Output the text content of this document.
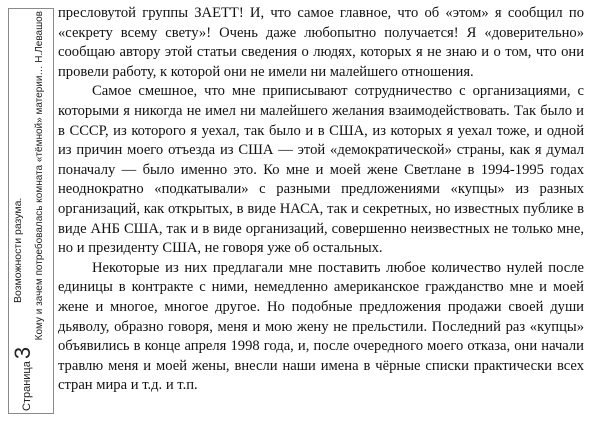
Страница
3
Возможности разума. Кому и зачем потребовалась комната «тёмной» материи… Н.Левашов пресловутой группы ЗАЕТТ! И, что самое главное, что об «этом» я сообщил по «секрету всему свету»! Очень даже любопытно получается! Я «доверительно» сообщаю автору этой статьи сведения о людях, которых я не знаю и о том, что они провели работу, к которой они не имели ни малейшего отношения.

Самое смешное, что мне приписывают сотрудничество с организациями, с которыми я никогда не имел ни малейшего желания взаимодействовать. Так было и в СССР, из которого я уехал, так было и в США, из которых я уехал тоже, и одной из причин моего отъезда из США — этой «демократической» страны, как я думал поначалу — было именно это. Ко мне и моей жене Светлане в 1994-1995 годах неоднократно «подкатывали» с разными предложениями «купцы» из разных организаций, как открытых, в виде НАСА, так и секретных, но известных публике в виде АНБ США, так и в виде организаций, совершенно неизвестных не только мне, но и президенту США, не говоря уже об остальных.

Некоторые из них предлагали мне поставить любое количество нулей после единицы в контракте с ними, немедленно американское гражданство мне и моей жене и многое, многое другое. Но подобные предложения продажи своей души дьяволу, образно говоря, меня и мою жену не прельстили. Последний раз «купцы» объявились в конце апреля 1998 года, и, после очередного моего отказа, они начали травлю меня и моей жены, внесли наши имена в чёрные списки практически всех стран мира и т.д. и т.п.
